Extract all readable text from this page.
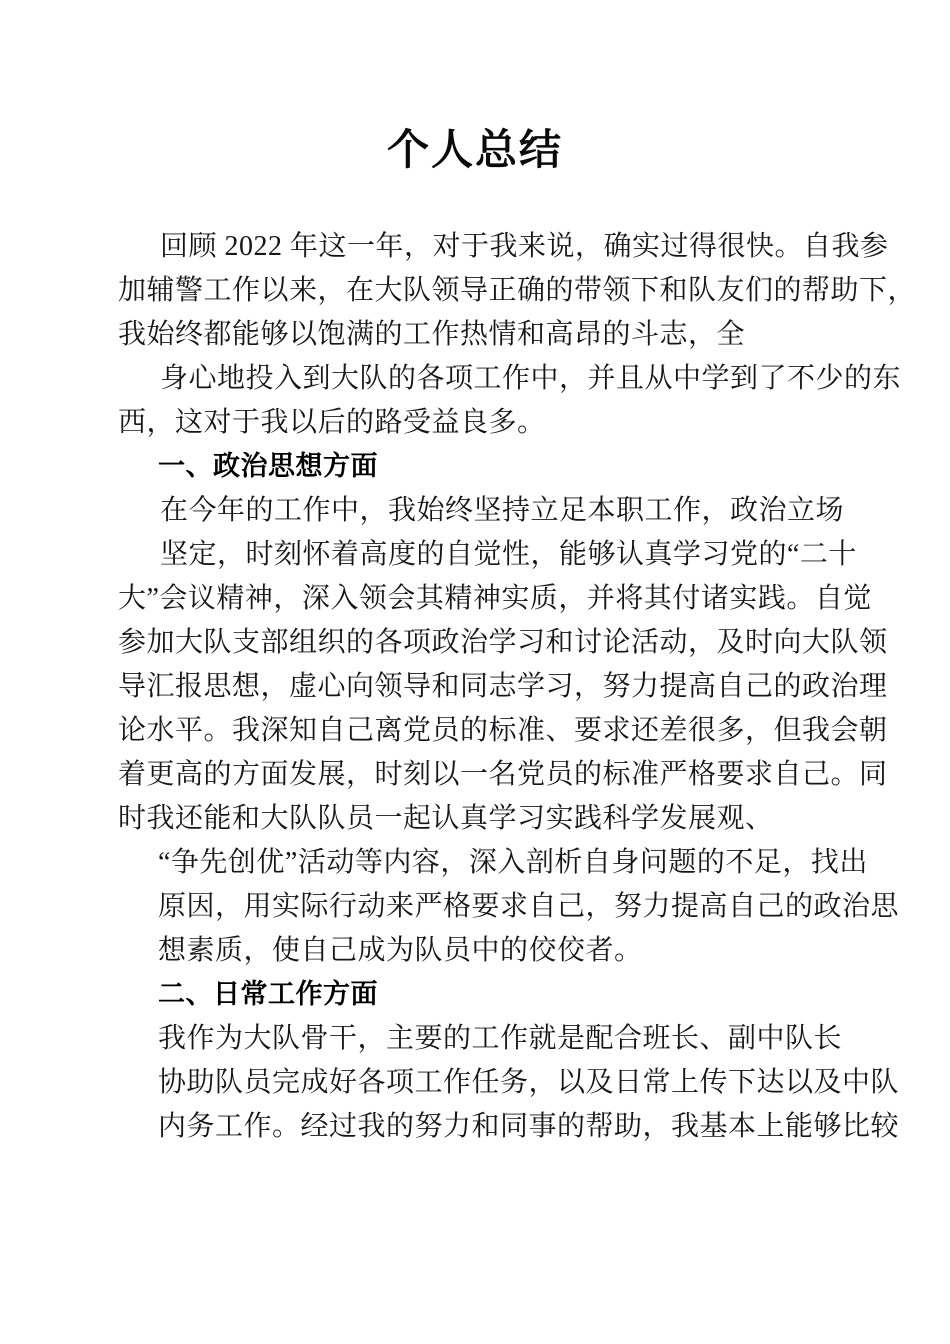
个人总结
回顾 2022 年这一年，对于我来说，确实过得很快。自我参
加辅警工作以来，在大队领导正确的带领下和队友们的帮助下，
我始终都能够以饱满的工作热情和高昂的斗志，全
身心地投入到大队的各项工作中，并且从中学到了不少的东
西，这对于我以后的路受益良多。
一、政治思想方面
在今年的工作中，我始终坚持立足本职工作，政治立场
坚定，时刻怀着高度的自觉性，能够认真学习党的“二十
大”会议精神，深入领会其精神实质，并将其付诸实践。自觉
参加大队支部组织的各项政治学习和讨论活动，及时向大队领
导汇报思想，虚心向领导和同志学习，努力提高自己的政治理
论水平。我深知自己离党员的标准、要求还差很多，但我会朝
着更高的方面发展，时刻以一名党员的标准严格要求自己。同
时我还能和大队队员一起认真学习实践科学发展观、
“争先创优”活动等内容，深入剖析自身问题的不足，找出
原因，用实际行动来严格要求自己，努力提高自己的政治思
想素质，使自己成为队员中的佼佼者。
二、日常工作方面
我作为大队骨干，主要的工作就是配合班长、副中队长
协助队员完成好各项工作任务，以及日常上传下达以及中队
内务工作。经过我的努力和同事的帮助，我基本上能够比较
